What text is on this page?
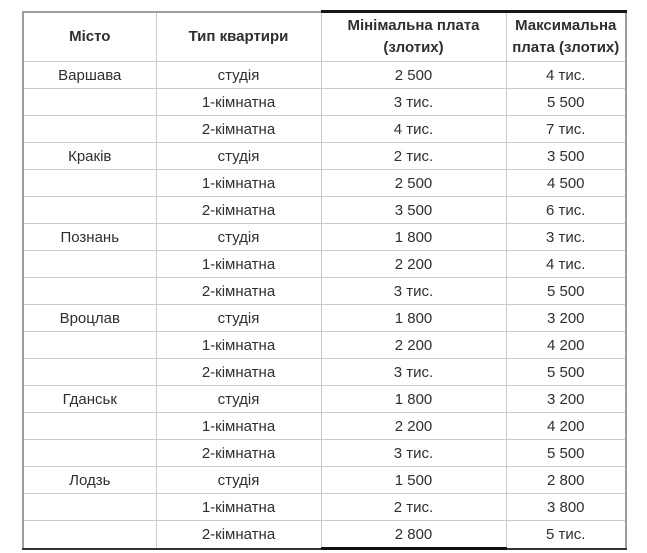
Місто	Тип квартири	Мінімальна плата (злотих)	Максимальна плата (злотих)
Варшава	студія	2 500	4 тис.
	1-кімнатна	3 тис.	5 500
	2-кімнатна	4 тис.	7 тис.
Краків	студія	2 тис.	3 500
	1-кімнатна	2 500	4 500
	2-кімнатна	3 500	6 тис.
Познань	студія	1 800	3 тис.
	1-кімнатна	2 200	4 тис.
	2-кімнатна	3 тис.	5 500
Вроцлав	студія	1 800	3 200
	1-кімнатна	2 200	4 200
	2-кімнатна	3 тис.	5 500
Гданськ	студія	1 800	3 200
	1-кімнатна	2 200	4 200
	2-кімнатна	3 тис.	5 500
Лодзь	студія	1 500	2 800
	1-кімнатна	2 тис.	3 800
	2-кімнатна	2 800	5 тис.
